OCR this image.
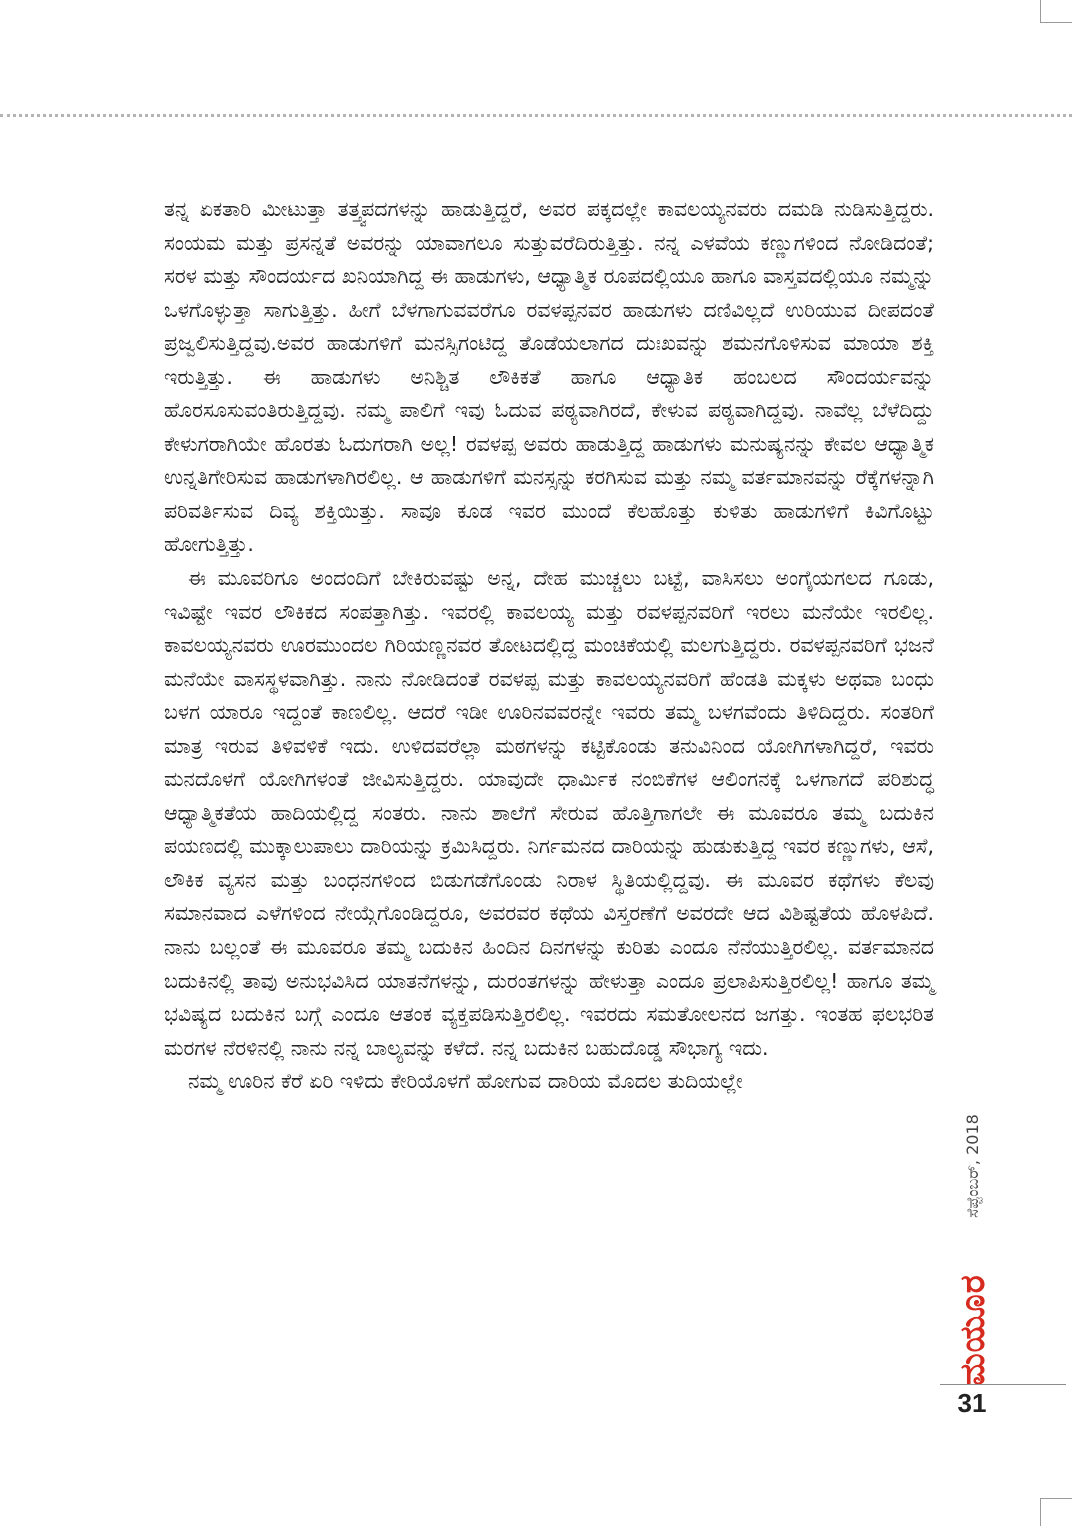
ತನ್ನ ಏಕತಾರಿ ಮೀಟುತ್ತಾ ತತ್ತ್ವಪದಗಳನ್ನು ಹಾಡುತ್ತಿದ್ದರೆ, ಅವರ ಪಕ್ಕದಲ್ಲೇ ಕಾವಲಯ್ಯನವರು ದಮಡಿ ನುಡಿಸುತ್ತಿದ್ದರು. ಸಂಯಮ ಮತ್ತು ಪ್ರಸನ್ನತೆ ಅವರನ್ನು ಯಾವಾಗಲೂ ಸುತ್ತುವರೆದಿರುತ್ತಿತ್ತು. ನನ್ನ ಎಳವೆಯ ಕಣ್ಣುಗಳಿಂದ ನೋಡಿದಂತೆ; ಸರಳ ಮತ್ತು ಸೌಂದರ್ಯದ ಖನಿಯಾಗಿದ್ದ ಈ ಹಾಡುಗಳು, ಆಧ್ಯಾತ್ಮಿಕ ರೂಪದಲ್ಲಿಯೂ ಹಾಗೂ ವಾಸ್ತವದಲ್ಲಿಯೂ ನಮ್ಮನ್ನು ಒಳಗೊಳ್ಳುತ್ತಾ ಸಾಗುತ್ತಿತ್ತು. ಹೀಗೆ ಬೆಳಗಾಗುವವರೆಗೂ ರವಳಪ್ಪನವರ ಹಾಡುಗಳು ದಣಿವಿಲ್ಲದೆ ಉರಿಯುವ ದೀಪದಂತೆ ಪ್ರಜ್ವಲಿಸುತ್ತಿದ್ದವು.ಅವರ ಹಾಡುಗಳಿಗೆ ಮನಸ್ಸಿಗಂಟಿದ್ದ ತೊಡೆಯಲಾಗದ ದುಃಖವನ್ನು ಶಮನಗೊಳಿಸುವ ಮಾಯಾ ಶಕ್ತಿ ಇರುತ್ತಿತ್ತು. ಈ ಹಾಡುಗಳು ಅನಿಶ್ಚಿತ ಲೌಕಿಕತೆ ಹಾಗೂ ಆಧ್ಯಾತಿಕ ಹಂಬಲದ ಸೌಂದರ್ಯವನ್ನು ಹೊರಸೂಸುವಂತಿರುತ್ತಿದ್ದವು. ನಮ್ಮ ಪಾಲಿಗೆ ಇವು ಓದುವ ಪಠ್ಯವಾಗಿರದೆ, ಕೇಳುವ ಪಠ್ಯವಾಗಿದ್ದವು. ನಾವೆಲ್ಲ ಬೆಳೆದಿದ್ದು ಕೇಳುಗರಾಗಿಯೇ ಹೊರತು ಓದುಗರಾಗಿ ಅಲ್ಲ! ರವಳಪ್ಪ ಅವರು ಹಾಡುತ್ತಿದ್ದ ಹಾಡುಗಳು ಮನುಷ್ಯನನ್ನು ಕೇವಲ ಆಧ್ಯಾತ್ಮಿಕ ಉನ್ನತಿಗೇರಿಸುವ ಹಾಡುಗಳಾಗಿರಲಿಲ್ಲ. ಆ ಹಾಡುಗಳಿಗೆ ಮನಸ್ಸನ್ನು ಕರಗಿಸುವ ಮತ್ತು ನಮ್ಮ ವರ್ತಮಾನವನ್ನು ರೆಕ್ಕೆಗಳನ್ನಾಗಿ ಪರಿವರ್ತಿಸುವ ದಿವ್ಯ ಶಕ್ತಿಯಿತ್ತು. ಸಾವೂ ಕೂಡ ಇವರ ಮುಂದೆ ಕೆಲಹೊತ್ತು ಕುಳಿತು ಹಾಡುಗಳಿಗೆ ಕಿವಿಗೊಟ್ಟು ಹೋಗುತ್ತಿತ್ತು.

ಈ ಮೂವರಿಗೂ ಅಂದಂದಿಗೆ ಬೇಕಿರುವಷ್ಟು ಅನ್ನ, ದೇಹ ಮುಚ್ಚಲು ಬಟ್ಟೆ, ವಾಸಿಸಲು ಅಂಗೈಯಗಲದ ಗೂಡು, ಇವಿಷ್ಟೇ ಇವರ ಲೌಕಿಕದ ಸಂಪತ್ತಾಗಿತ್ತು. ಇವರಲ್ಲಿ ಕಾವಲಯ್ಯ ಮತ್ತು ರವಳಪ್ಪನವರಿಗೆ ಇರಲು ಮನೆಯೇ ಇರಲಿಲ್ಲ. ಕಾವಲಯ್ಯನವರು ಊರಮುಂದಲ ಗಿರಿಯಣ್ಣನವರ ತೋಟದಲ್ಲಿದ್ದ ಮಂಚಿಕೆಯಲ್ಲಿ ಮಲಗುತ್ತಿದ್ದರು. ರವಳಪ್ಪನವರಿಗೆ ಭಜನೆ ಮನೆಯೇ ವಾಸಸ್ಥಳವಾಗಿತ್ತು. ನಾನು ನೋಡಿದಂತೆ ರವಳಪ್ಪ ಮತ್ತು ಕಾವಲಯ್ಯನವರಿಗೆ ಹೆಂಡತಿ ಮಕ್ಕಳು ಅಥವಾ ಬಂಧು ಬಳಗ ಯಾರೂ ಇದ್ದಂತೆ ಕಾಣಲಿಲ್ಲ. ಆದರೆ ಇಡೀ ಊರಿನವವರನ್ನೇ ಇವರು ತಮ್ಮ ಬಳಗವೆಂದು ತಿಳಿದಿದ್ದರು. ಸಂತರಿಗೆ ಮಾತ್ರ ಇರುವ ತಿಳಿವಳಿಕೆ ಇದು. ಉಳಿದವರೆಲ್ಲಾ ಮಠಗಳನ್ನು ಕಟ್ಟಿಕೊಂಡು ತನುವಿನಿಂದ ಯೋಗಿಗಳಾಗಿದ್ದರೆ, ಇವರು ಮನದೊಳಗೆ ಯೋಗಿಗಳಂತೆ ಜೀವಿಸುತ್ತಿದ್ದರು. ಯಾವುದೇ ಧಾರ್ಮಿಕ ನಂಬಿಕೆಗಳ ಆಲಿಂಗನಕ್ಕೆ ಒಳಗಾಗದೆ ಪರಿಶುದ್ಧ ಆಧ್ಯಾತ್ಮಿಕತೆಯ ಹಾದಿಯಲ್ಲಿದ್ದ ಸಂತರು. ನಾನು ಶಾಲೆಗೆ ಸೇರುವ ಹೊತ್ತಿಗಾಗಲೇ ಈ ಮೂವರೂ ತಮ್ಮ ಬದುಕಿನ ಪಯಣದಲ್ಲಿ ಮುಕ್ಕಾಲುಪಾಲು ದಾರಿಯನ್ನು ಕ್ರಮಿಸಿದ್ದರು. ನಿರ್ಗಮನದ ದಾರಿಯನ್ನು ಹುಡುಕುತ್ತಿದ್ದ ಇವರ ಕಣ್ಣುಗಳು, ಆಸೆ, ಲೌಕಿಕ ವ್ಯಸನ ಮತ್ತು ಬಂಧನಗಳಿಂದ ಬಿಡುಗಡೆಗೊಂಡು ನಿರಾಳ ಸ್ಥಿತಿಯಲ್ಲಿದ್ದವು. ಈ ಮೂವರ ಕಥೆಗಳು ಕೆಲವು ಸಮಾನವಾದ ಎಳೆಗಳಿಂದ ನೇಯ್ಗೆಗೊಂಡಿದ್ದರೂ, ಅವರವರ ಕಥೆಯ ವಿಸ್ತರಣೆಗೆ ಅವರದೇ ಆದ ವಿಶಿಷ್ಟತೆಯ ಹೊಳಪಿದೆ. ನಾನು ಬಲ್ಲಂತೆ ಈ ಮೂವರೂ ತಮ್ಮ ಬದುಕಿನ ಹಿಂದಿನ ದಿನಗಳನ್ನು ಕುರಿತು ಎಂದೂ ನೆನೆಯುತ್ತಿರಲಿಲ್ಲ. ವರ್ತಮಾನದ ಬದುಕಿನಲ್ಲಿ ತಾವು ಅನುಭವಿಸಿದ ಯಾತನೆಗಳನ್ನು, ದುರಂತಗಳನ್ನು ಹೇಳುತ್ತಾ ಎಂದೂ ಪ್ರಲಾಪಿಸುತ್ತಿರಲಿಲ್ಲ! ಹಾಗೂ ತಮ್ಮ ಭವಿಷ್ಯದ ಬದುಕಿನ ಬಗ್ಗೆ ಎಂದೂ ಆತಂಕ ವ್ಯಕ್ತಪಡಿಸುತ್ತಿರಲಿಲ್ಲ. ಇವರದು ಸಮತೋಲನದ ಜಗತ್ತು. ಇಂತಹ ಫಲಭರಿತ ಮರಗಳ ನೆರಳಿನಲ್ಲಿ ನಾನು ನನ್ನ ಬಾಲ್ಯವನ್ನು ಕಳೆದೆ. ನನ್ನ ಬದುಕಿನ ಬಹುದೊಡ್ಡ ಸೌಭಾಗ್ಯ ಇದು.

ನಮ್ಮ ಊರಿನ ಕೆರೆ ಏರಿ ಇಳಿದು ಕೇರಿಯೊಳಗೆ ಹೋಗುವ ದಾರಿಯ ಮೊದಲ ತುದಿಯಲ್ಲೇ

ಸೆಪ್ಟೆಂಬರ್, 2018
ಮಯೂರ
31
